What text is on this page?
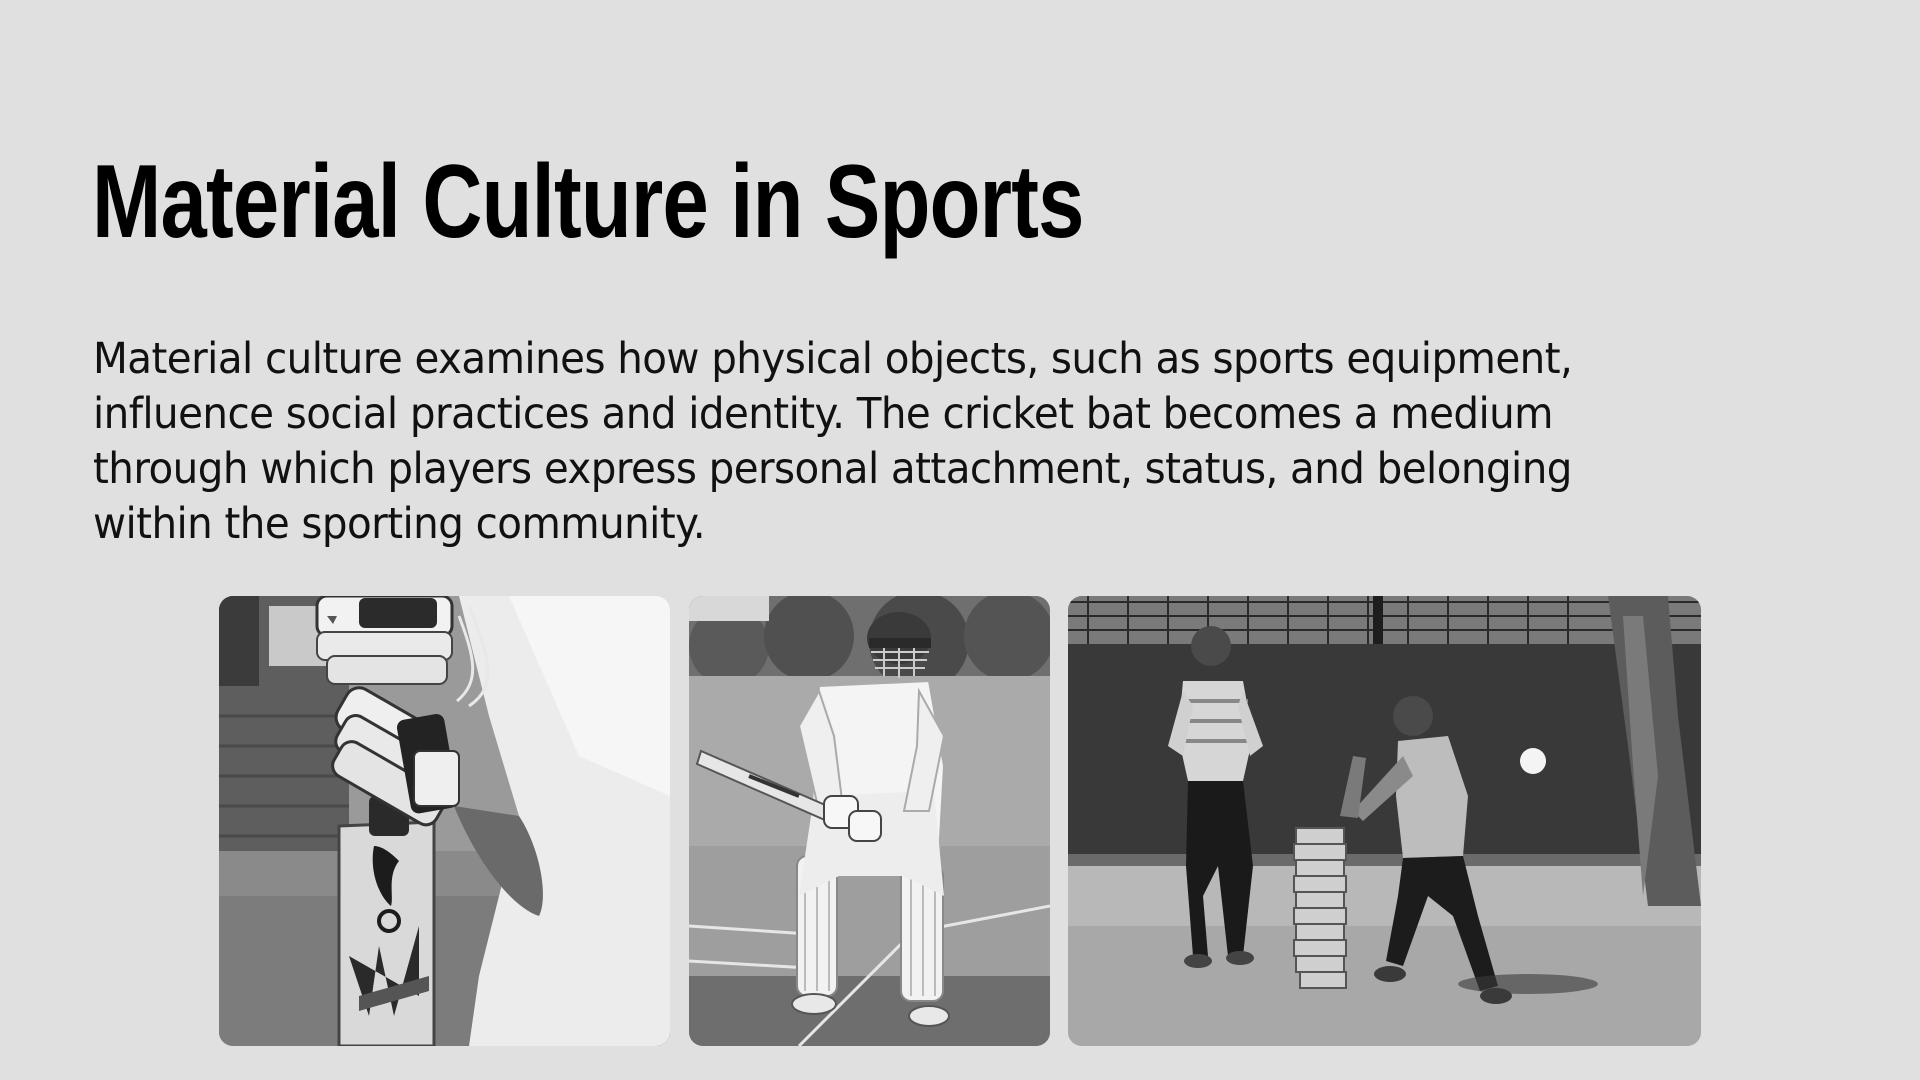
Material Culture in Sports

Material culture examines how physical objects, such as sports equipment, influence social practices and identity. The cricket bat becomes a medium through which players express personal attachment, status, and belonging within the sporting community.
